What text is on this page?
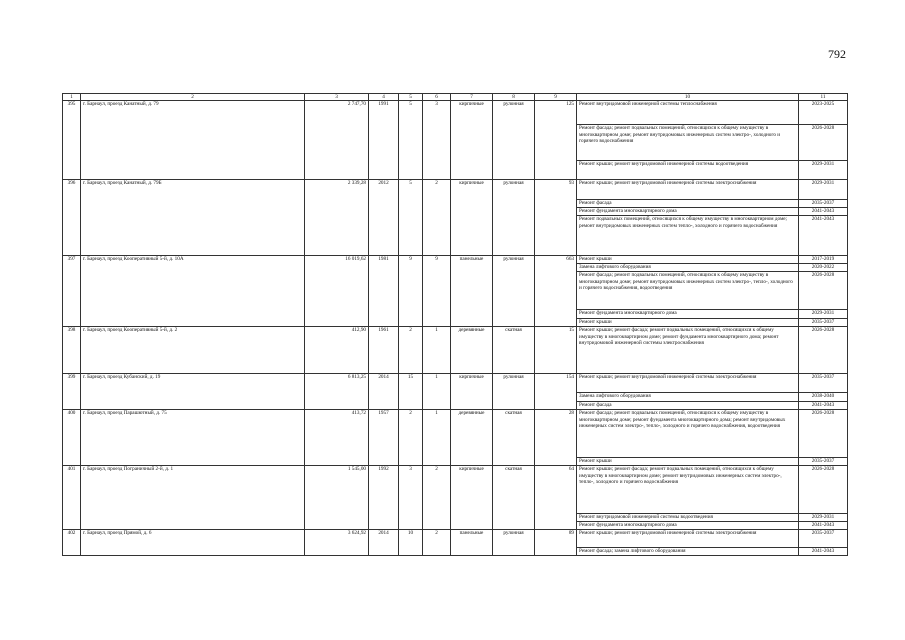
792
1	2	3	4	5	6	7	8	9	10	11
395	г. Барнаул, проезд Канатный, д. 79	2 747,70	1991	5	3	кирпичные	рулонная	125	Ремонт внутридомовой инженерной системы теплоснабжения	2023-2025
									Ремонт фасада; ремонт подвальных помещений, относящихся к общему имуществу в многоквартирном доме; ремонт внутридомовых инженерных систем электро-, холодного и горячего водоснабжения	2026-2028
									Ремонт крыши; ремонт внутридомовой инженерной системы водоотведения	2029-2031
396	г. Барнаул, проезд Канатный, д. 79Б	2 339,28	2012	5	2	кирпичные	рулонная	93	Ремонт крыши; ремонт внутридомовой инженерной системы электроснабжения	2029-2031
									Ремонт фасада	2035-2037
									Ремонт фундамента многоквартирного дома	2041-2043
									Ремонт подвальных помещений, относящихся к общему имуществу в многоквартирном доме; ремонт внутридомовых инженерных систем тепло-, холодного и горячего водоснабжения	2041-2043
397	г. Барнаул, проезд Кооперативный 5-й, д. 10А	16 019,62	1981	9	9	панельные	рулонная	663	Ремонт крыши	2017-2019
									Замена лифтового оборудования	2020-2022
									Ремонт фасада; ремонт подвальных помещений, относящихся к общему имуществу в многоквартирном доме; ремонт внутридомовых инженерных систем электро-, тепло-, холодного и горячего водоснабжения, водоотведения	2026-2028
									Ремонт фундамента многоквартирного дома	2029-2031
									Ремонт крыши	2035-2037
398	г. Барнаул, проезд Кооперативный 5-й, д. 2	412,90	1961	2	1	деревянные	скатная	15	Ремонт крыши; ремонт фасада; ремонт подвальных помещений, относящихся к общему имуществу в многоквартирном доме; ремонт фундамента многоквартирного дома; ремонт внутридомовой инженерной системы электроснабжения	2026-2028
399	г. Барнаул, проезд Кубанский, д. 19	6 813,25	2014	15	1	кирпичные	рулонная	154	Ремонт крыши; ремонт внутридомовой инженерной системы электроснабжения	2035-2037
									Замена лифтового оборудования	2038-2040
									Ремонт фасада	2041-2043
400	г. Барнаул, проезд Парашютный, д. 75	413,72	1957	2	1	деревянные	скатная	28	Ремонт фасада; ремонт подвальных помещений, относящихся к общему имуществу в многоквартирном доме; ремонт фундамента многоквартирного дома; ремонт внутридомовых инженерных систем электро-, тепло-, холодного и горячего водоснабжения, водоотведения	2026-2028
									Ремонт крыши	2035-2037
401	г. Барнаул, проезд Пограничный 2-й, д. 1	1 545,00	1992	3	2	кирпичные	скатная	64	Ремонт крыши; ремонт фасада; ремонт подвальных помещений, относящихся к общему имуществу в многоквартирном доме; ремонт внутридомовых инженерных систем электро-, тепло-, холодного и горячего водоснабжения	2026-2028
									Ремонт внутридомовой инженерной системы водоотведения	2029-2031
									Ремонт фундамента многоквартирного дома	2041-2043
402	г. Барнаул, проезд Прямой, д. 6	3 624,92	2014	10	2	панельные	рулонная	89	Ремонт крыши; ремонт внутридомовой инженерной системы электроснабжения	2035-2037
									Ремонт фасада; замена лифтового оборудования	2041-2043
